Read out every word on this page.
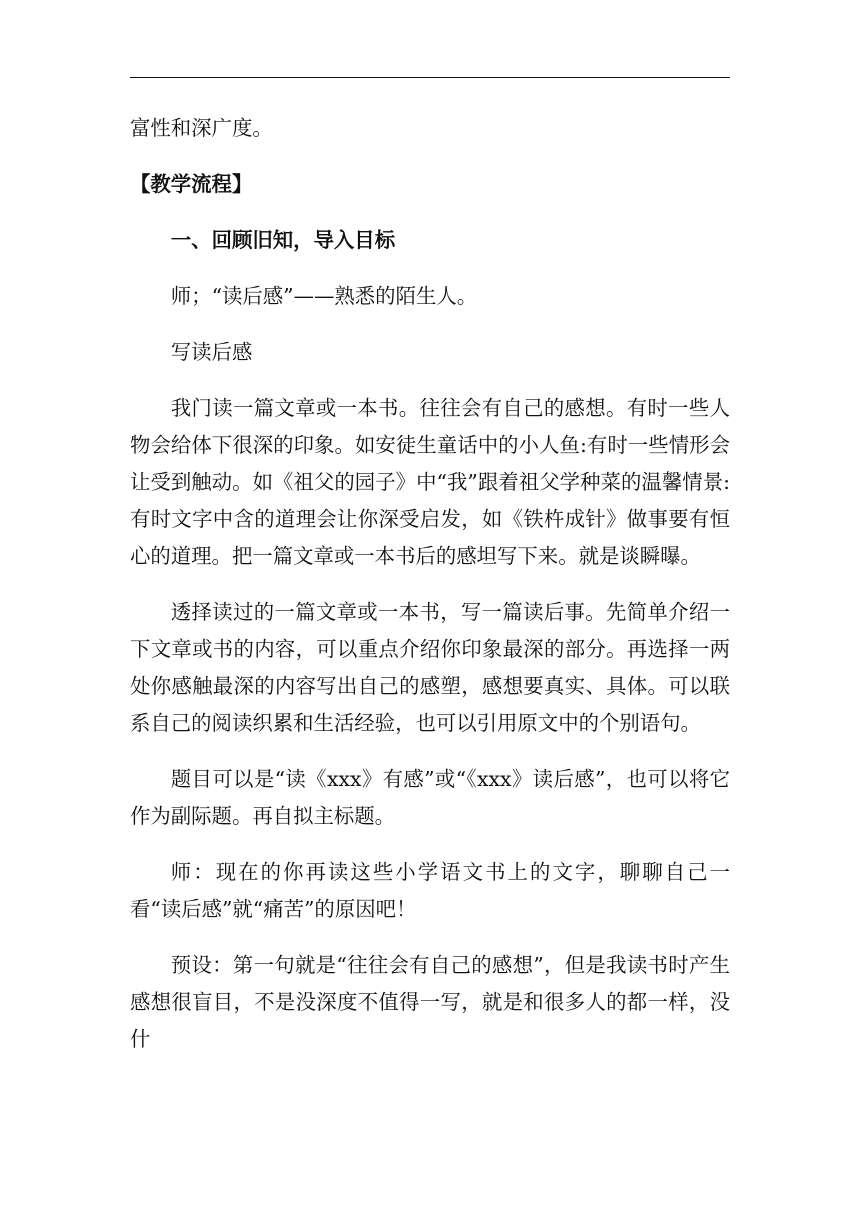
富性和深广度。

【教学流程】

一、回顾旧知，导入目标

师；“读后感”——熟悉的陌生人。

写读后感

我门读一篇文章或一本书。往往会有自己的感想。有时一些人物会给体下很深的印象。如安徒生童话中的小人鱼:有时一些情形会让受到触动。如《祖父的园子》中“我”跟着祖父学种菜的温馨情景:有时文字中含的道理会让你深受启发，如《铁杵成针》做事要有恒心的道理。把一篇文章或一本书后的感坦写下来。就是谈瞬曝。

透择读过的一篇文章或一本书，写一篇读后事。先简单介绍一下文章或书的内容，可以重点介绍你印象最深的部分。再选择一两处你感触最深的内容写出自己的感塑，感想要真实、具体。可以联系自己的阅读织累和生活经验，也可以引用原文中的个别语句。

题目可以是“读《xxx》有感”或“《xxx》读后感”，也可以将它作为副际题。再自拟主标题。

师：现在的你再读这些小学语文书上的文字，聊聊自己一看“读后感”就“痛苦”的原因吧！

预设：第一句就是“往往会有自己的感想”，但是我读书时产生感想很盲目，不是没深度不值得一写，就是和很多人的都一样，没什
